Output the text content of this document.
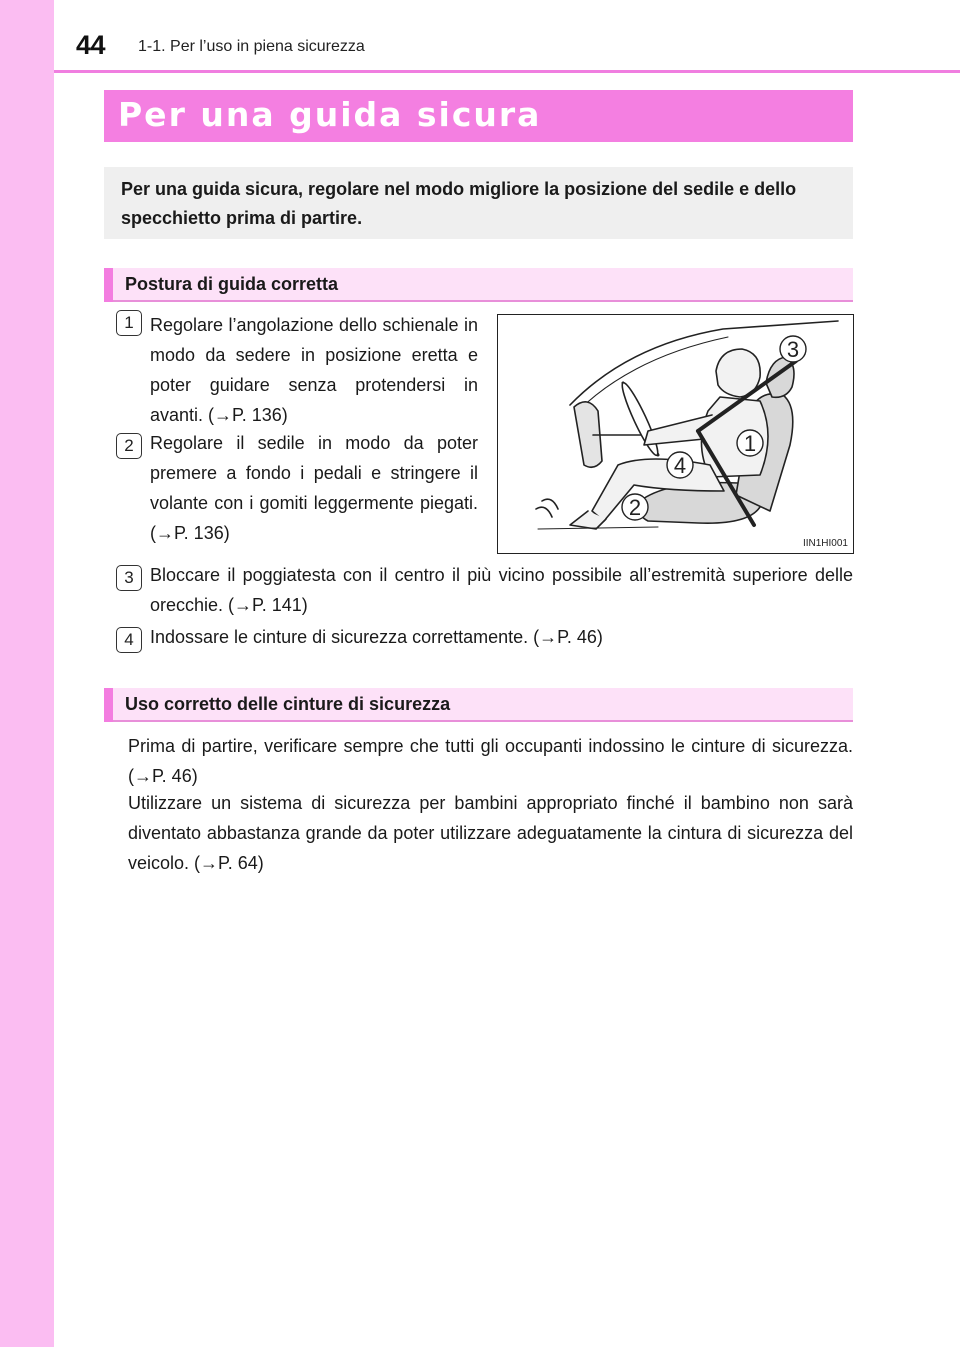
44 1-1. Per l’uso in piena sicurezza
Per una guida sicura
Per una guida sicura, regolare nel modo migliore la posizione del sedile e dello specchietto prima di partire.
Postura di guida corretta
1 Regolare l’angolazione dello schienale in modo da sedere in posizione eretta e poter guidare senza protendersi in avanti. (→P. 136)
2 Regolare il sedile in modo da poter premere a fondo i pedali e stringere il volante con i gomiti leggermente piegati. (→P. 136)
3
1
4
2
IIN1HI001
3 Bloccare il poggiatesta con il centro il più vicino possibile all’estremità superiore delle orecchie. (→P. 141)
4 Indossare le cinture di sicurezza correttamente. (→P. 46)
Uso corretto delle cinture di sicurezza
Prima di partire, verificare sempre che tutti gli occupanti indossino le cinture di sicurezza. (→P. 46)
Utilizzare un sistema di sicurezza per bambini appropriato finché il bambino non sarà diventato abbastanza grande da poter utilizzare adeguatamente la cintura di sicurezza del veicolo. (→P. 64)
